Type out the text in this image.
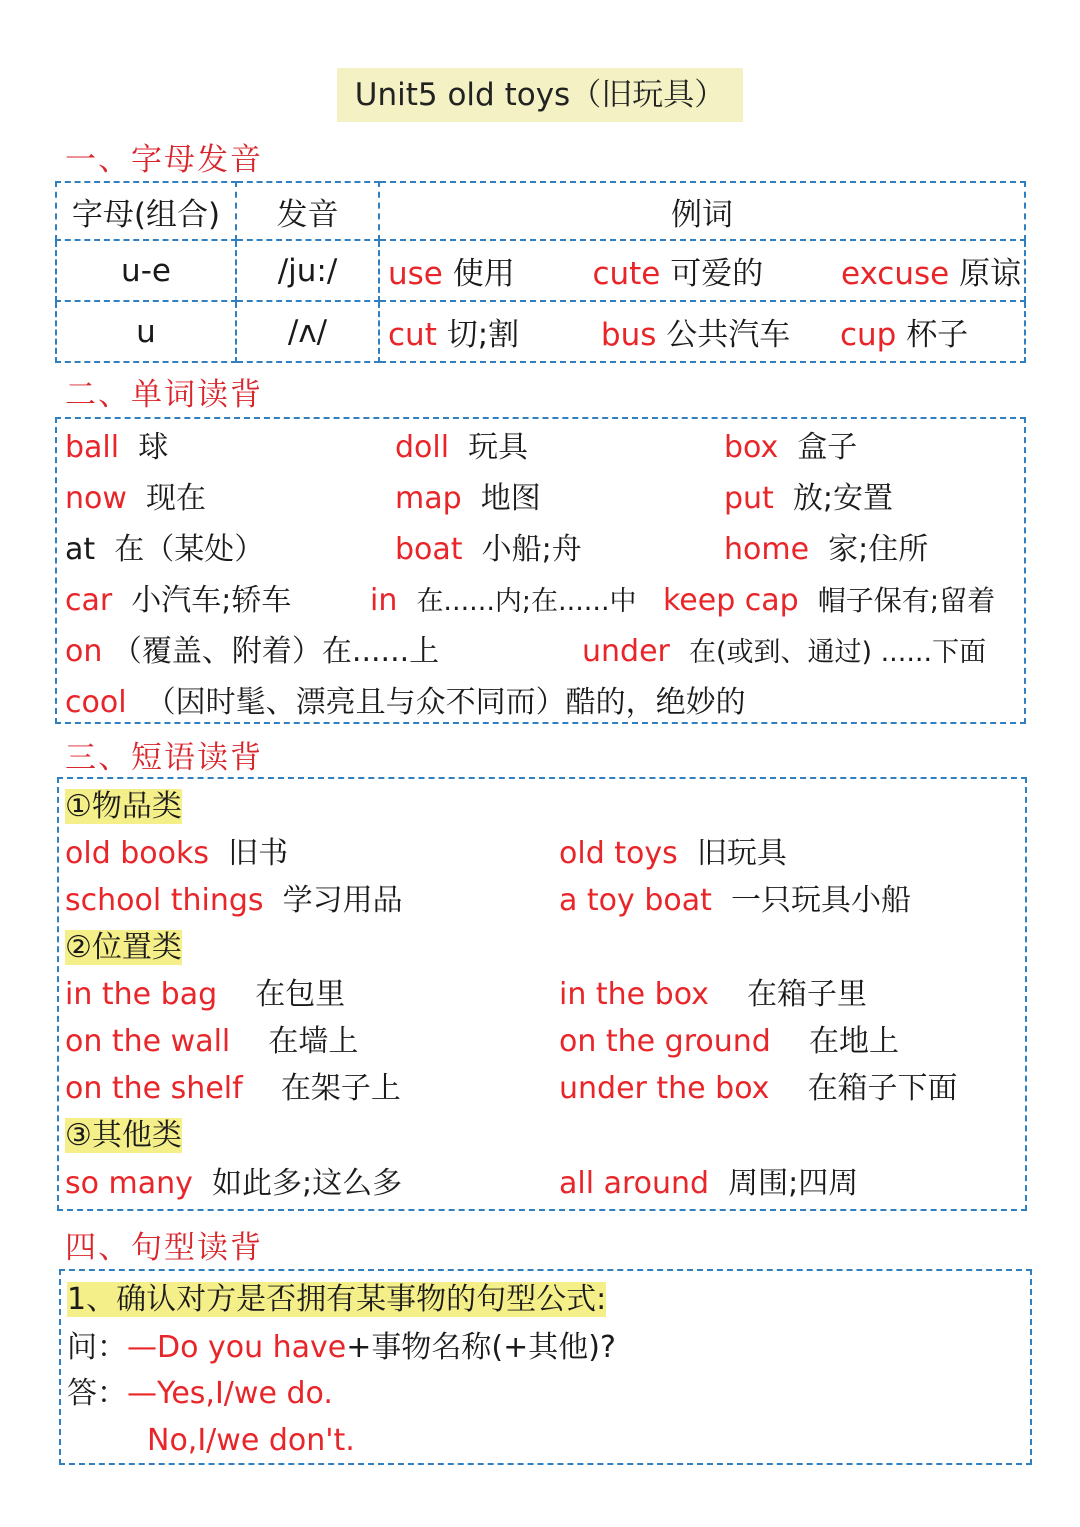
Unit5 old toys（旧玩具）
一、字母发音
字母(组合)	发音	例词
u-e	/ju:/	use 使用 cute 可爱的 excuse 原谅
u	/ʌ/	cut 切;割 bus 公共汽车 cup 杯子
二、单词读背
ball 球	doll 玩具	box 盒子
now 现在	map 地图	put 放;安置
at 在（某处）	boat 小船;舟	home 家;住所
car 小汽车;轿车	in 在......内;在......中 keep cap 帽子保有;留着
on （覆盖、附着）在......上	under 在(或到、通过) ......下面
cool （因时髦、漂亮且与众不同而）酷的，绝妙的
三、短语读背
①物品类
old books 旧书	old toys 旧玩具
school things 学习用品	a toy boat 一只玩具小船
②位置类
in the bag 在包里	in the box 在箱子里
on the wall 在墙上	on the ground 在地上
on the shelf 在架子上	under the box 在箱子下面
③其他类
so many 如此多;这么多	all around 周围;四周
四、句型读背
1、确认对方是否拥有某事物的句型公式:
问：—Do you have+事物名称(+其他)?
答：—Yes,I/we do.
No,I/we don't.
